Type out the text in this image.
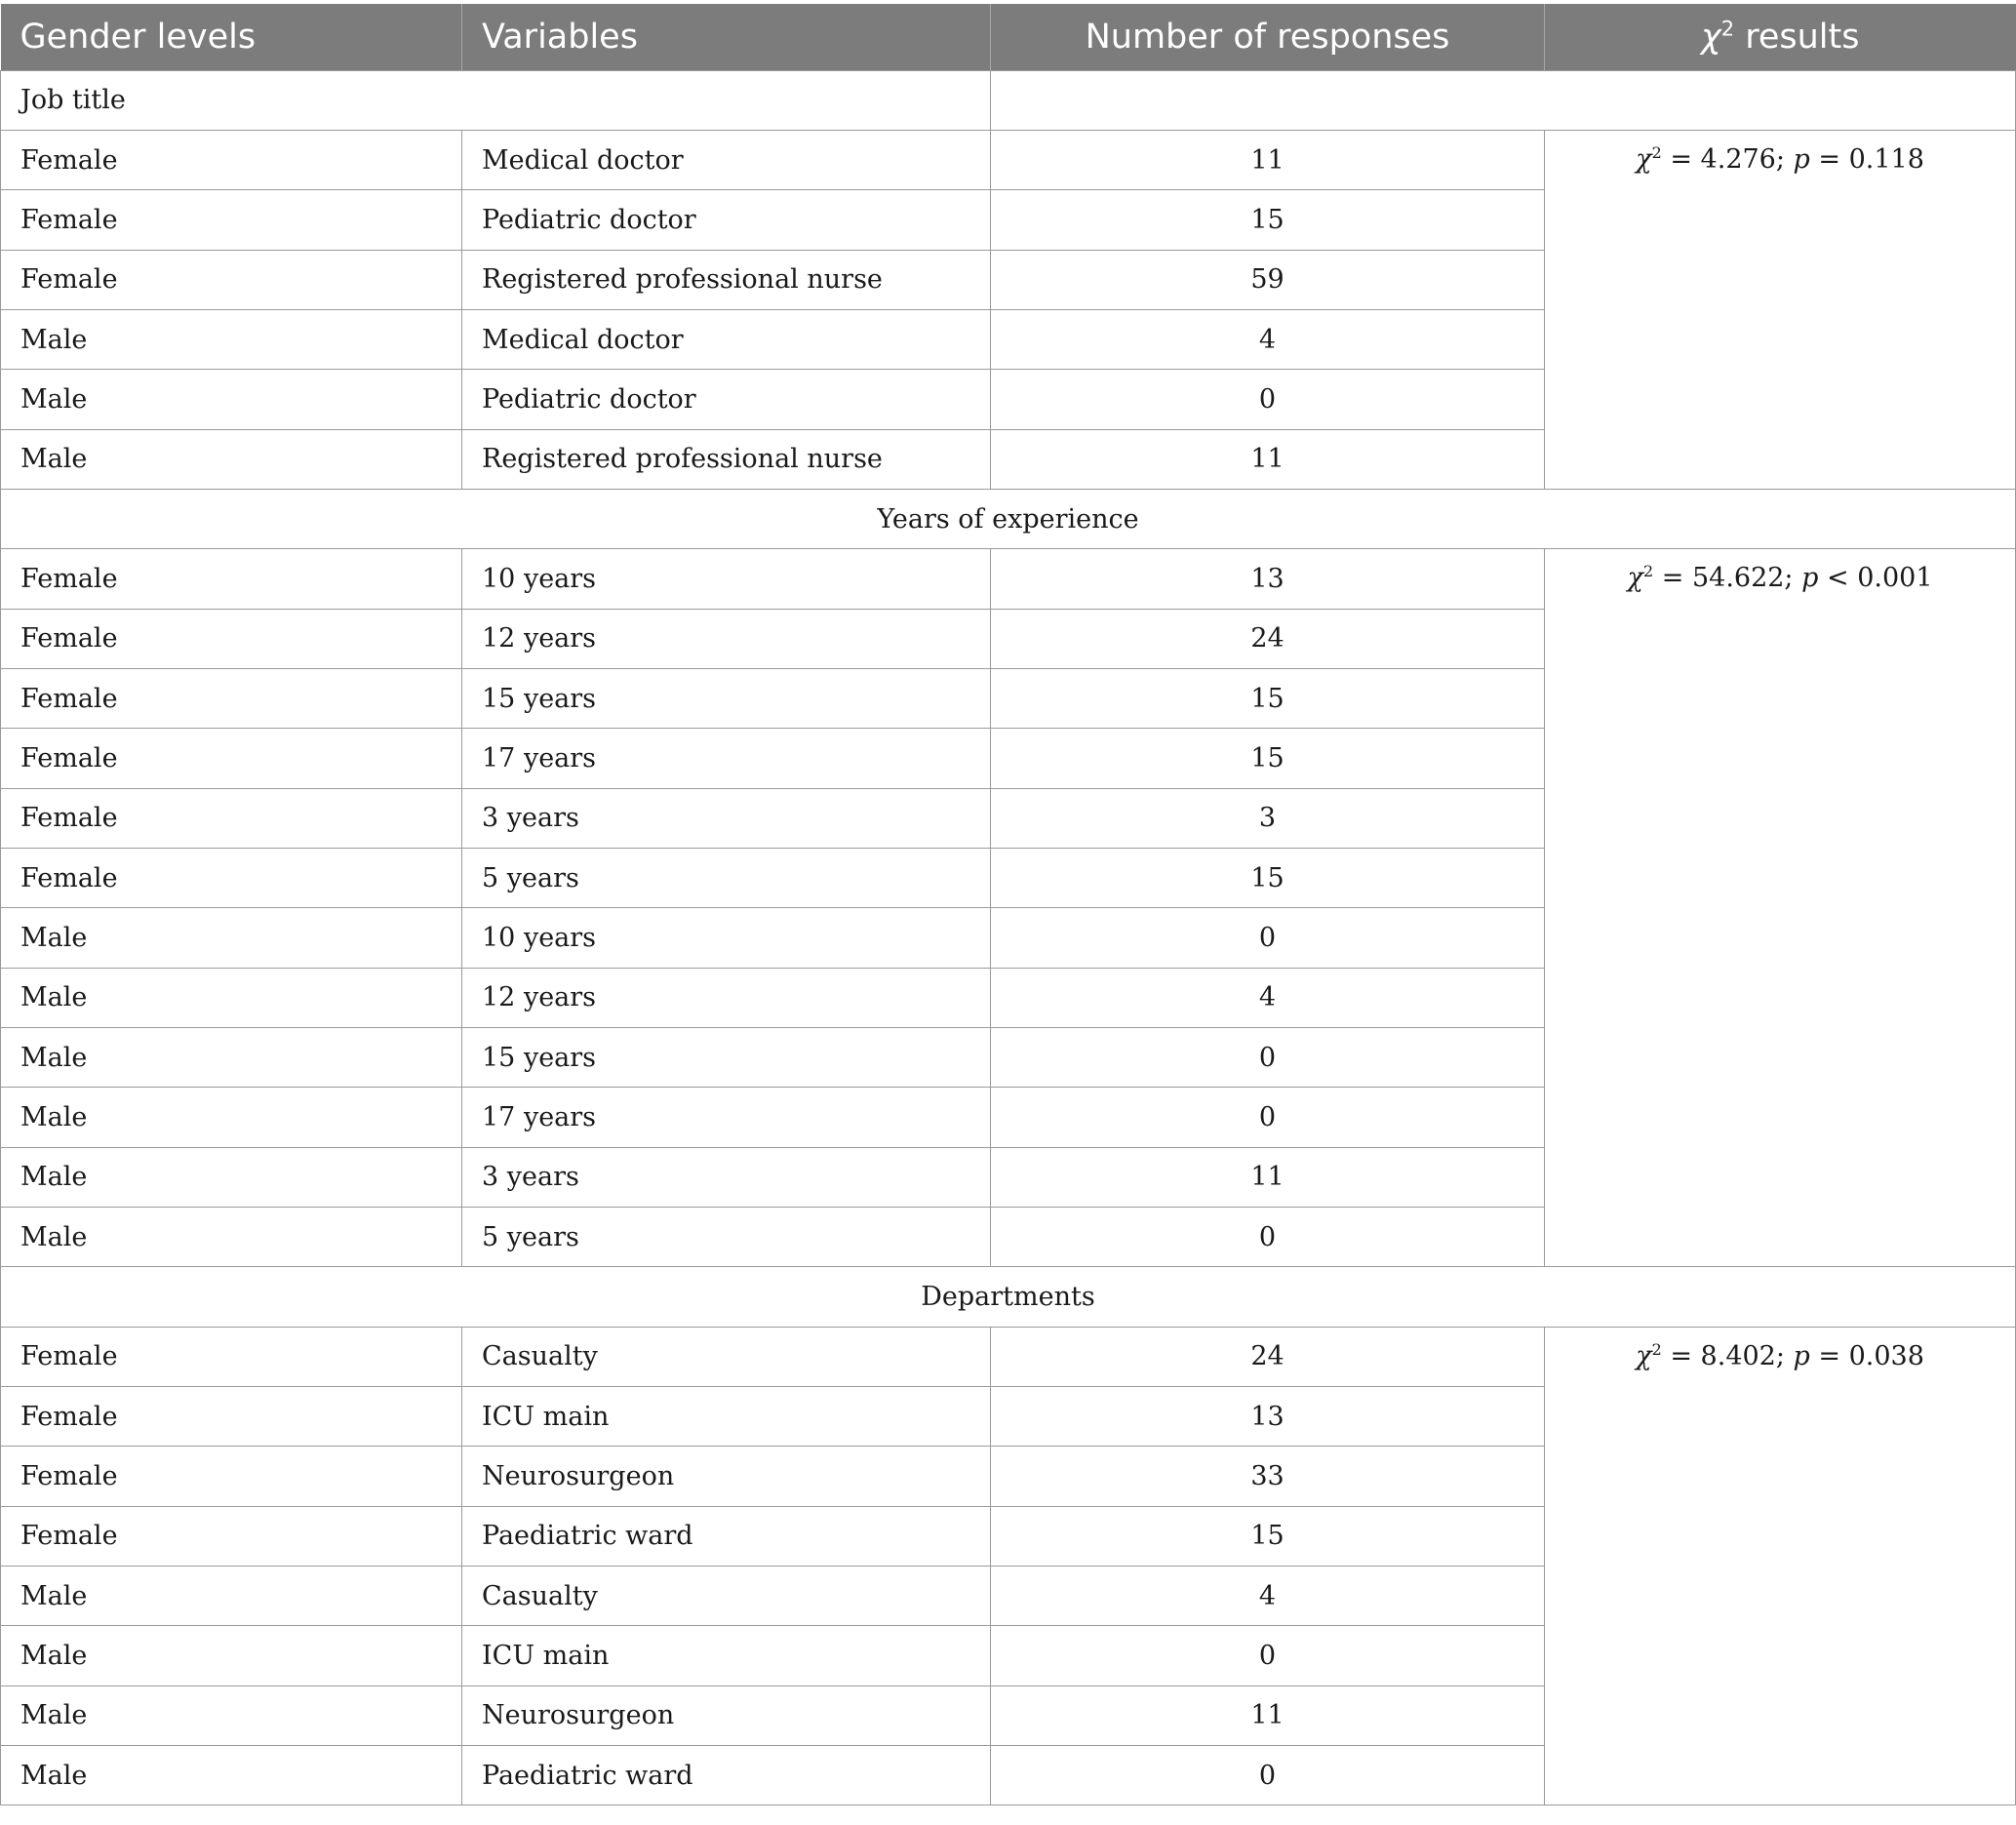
Gender levels	Variables	Number of responses	$\chi^2$ results
Job title			
Female	Medical doctor	11	$\chi^2 = 4.276$; p = 0.118
Female	Pediatric doctor	15	
Female	Registered professional nurse	59	
Male	Medical doctor	4	
Male	Pediatric doctor	0	
Male	Registered professional nurse	11	
Years of experience			
Female	10 years	13	$\chi^2 = 54.622$; p < 0.001
Female	12 years	24	
Female	15 years	15	
Female	17 years	15	
Female	3 years	3	
Female	5 years	15	
Male	10 years	0	
Male	12 years	4	
Male	15 years	0	
Male	17 years	0	
Male	3 years	11	
Male	5 years	0	
Departments			
Female	Casualty	24	$\chi^2 = 8.402$; p = 0.038
Female	ICU main	13	
Female	Neurosurgeon	33	
Female	Paediatric ward	15	
Male	Casualty	4	
Male	ICU main	0	
Male	Neurosurgeon	11	
Male	Paediatric ward	0	
